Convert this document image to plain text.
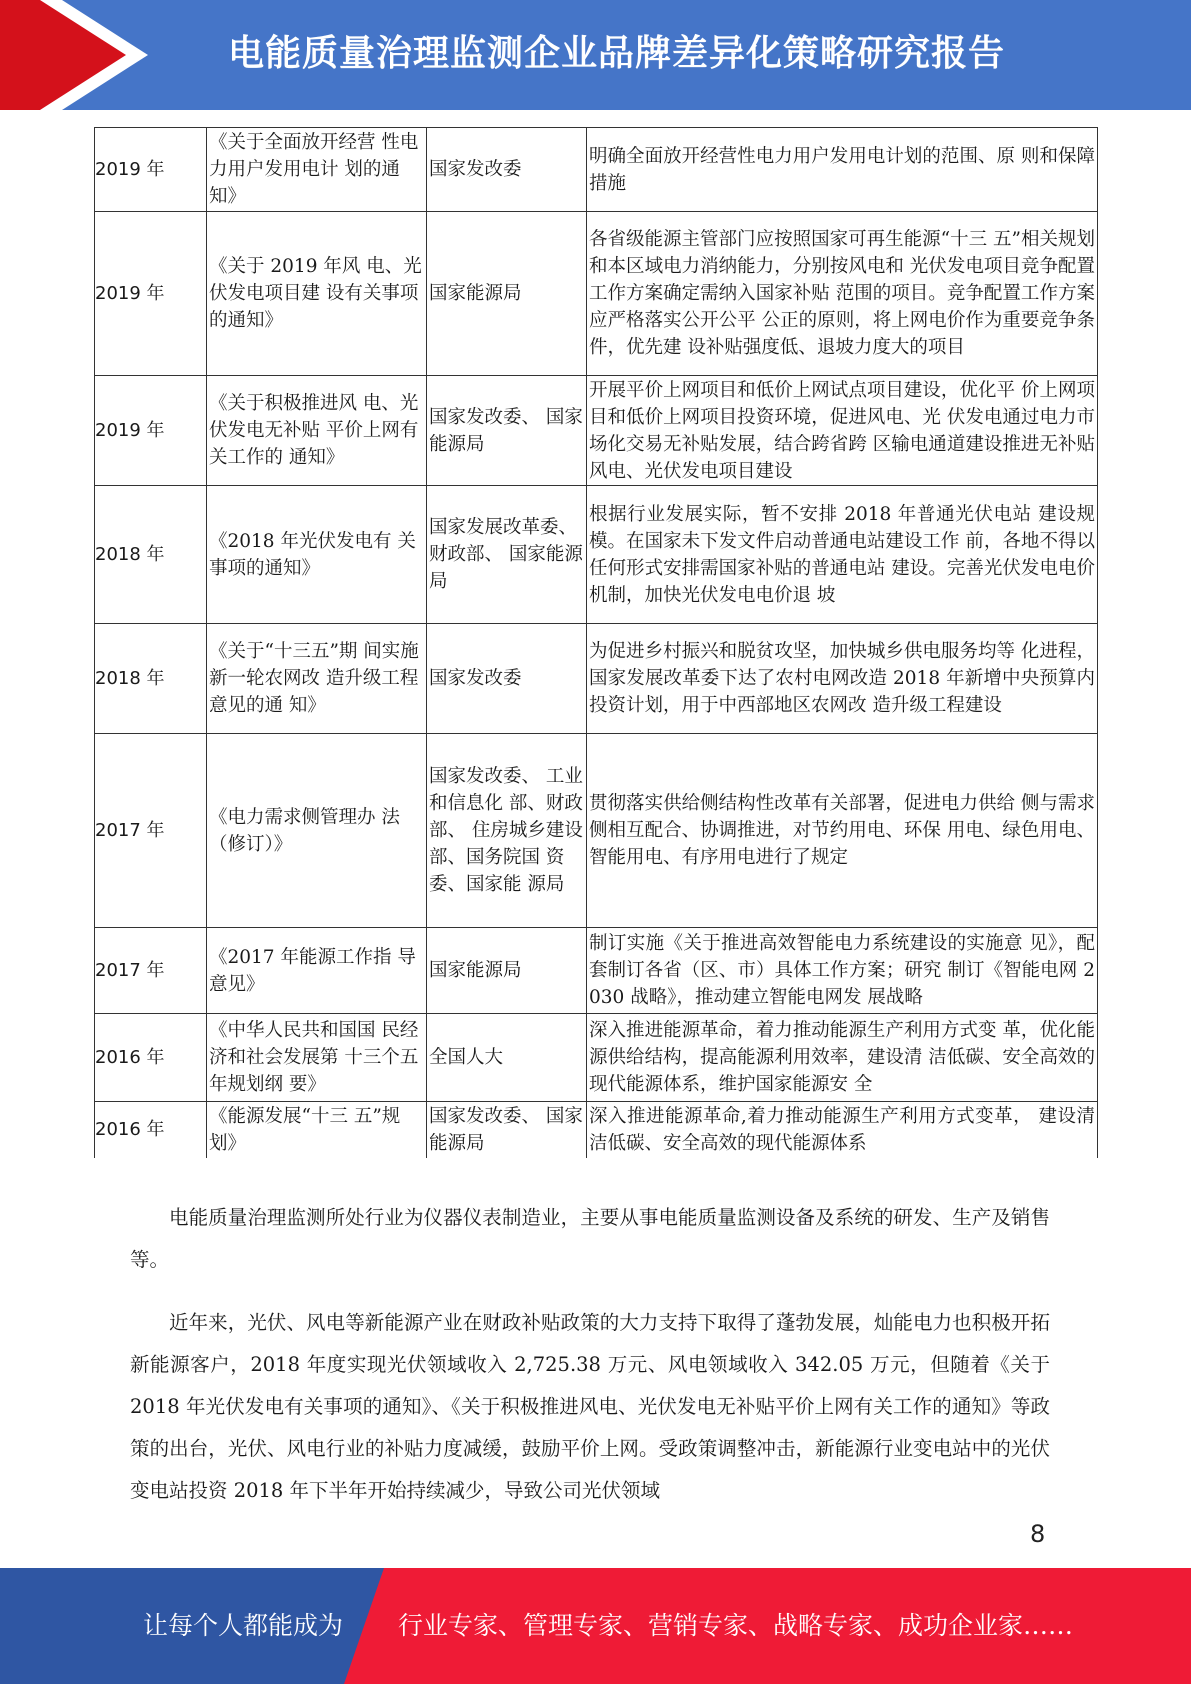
电能质量治理监测企业品牌差异化策略研究报告
2019 年	《关于全面放开经营 性电力用户发用电计 划的通知》	国家发改委	明确全面放开经营性电力用户发用电计划的范围、原 则和保障措施
2019 年	《关于 2019 年风 电、光伏发电项目建 设有关事项的通知》	国家能源局	各省级能源主管部门应按照国家可再生能源“十三 五”相关规划和本区域电力消纳能力，分别按风电和 光伏发电项目竞争配置工作方案确定需纳入国家补贴 范围的项目。竞争配置工作方案应严格落实公开公平 公正的原则，将上网电价作为重要竞争条件，优先建 设补贴强度低、退坡力度大的项目
2019 年	《关于积极推进风 电、光伏发电无补贴 平价上网有关工作的 通知》	国家发改委、 国家能源局	开展平价上网项目和低价上网试点项目建设，优化平 价上网项目和低价上网项目投资环境，促进风电、光 伏发电通过电力市场化交易无补贴发展，结合跨省跨 区输电通道建设推进无补贴风电、光伏发电项目建设
2018 年	《2018 年光伏发电有 关事项的通知》	国家发展改革委、财政部、 国家能源局	根据行业发展实际，暂不安排 2018 年普通光伏电站 建设规模。在国家未下发文件启动普通电站建设工作 前，各地不得以任何形式安排需国家补贴的普通电站 建设。完善光伏发电电价机制，加快光伏发电电价退 坡
2018 年	《关于“十三五”期 间实施新一轮农网改 造升级工程意见的通 知》	国家发改委	为促进乡村振兴和脱贫攻坚，加快城乡供电服务均等 化进程，国家发展改革委下达了农村电网改造 2018 年新增中央预算内投资计划，用于中西部地区农网改 造升级工程建设
2017 年	《电力需求侧管理办 法（修订）》	国家发改委、 工业和信息化 部、财政部、 住房城乡建设 部、国务院国 资委、国家能 源局	贯彻落实供给侧结构性改革有关部署，促进电力供给 侧与需求侧相互配合、协调推进，对节约用电、环保 用电、绿色用电、智能用电、有序用电进行了规定
2017 年	《2017 年能源工作指 导意见》	国家能源局	制订实施《关于推进高效智能电力系统建设的实施意 见》，配套制订各省（区、市）具体工作方案；研究 制订《智能电网 2030 战略》，推动建立智能电网发 展战略
2016 年	《中华人民共和国国 民经济和社会发展第 十三个五年规划纲 要》	全国人大	深入推进能源革命，着力推动能源生产利用方式变 革，优化能源供给结构，提高能源利用效率，建设清 洁低碳、安全高效的现代能源体系，维护国家能源安 全
2016 年	《能源发展“十三 五”规划》	国家发改委、 国家能源局	深入推进能源革命,着力推动能源生产利用方式变革， 建设清洁低碳、安全高效的现代能源体系

电能质量治理监测所处行业为仪器仪表制造业，主要从事电能质量监测设备及系统的研发、生产及销售等。

近年来，光伏、风电等新能源产业在财政补贴政策的大力支持下取得了蓬勃发展，灿能电力也积极开拓新能源客户，2018 年度实现光伏领域收入 2,725.38 万元、风电领域收入 342.05 万元，但随着《关于 2018 年光伏发电有关事项的通知》、《关于积极推进风电、光伏发电无补贴平价上网有关工作的通知》等政策的出台，光伏、风电行业的补贴力度减缓，鼓励平价上网。受政策调整冲击，新能源行业变电站中的光伏变电站投资 2018 年下半年开始持续减少，导致公司光伏领域

8
让每个人都能成为 行业专家、管理专家、营销专家、战略专家、成功企业家……
